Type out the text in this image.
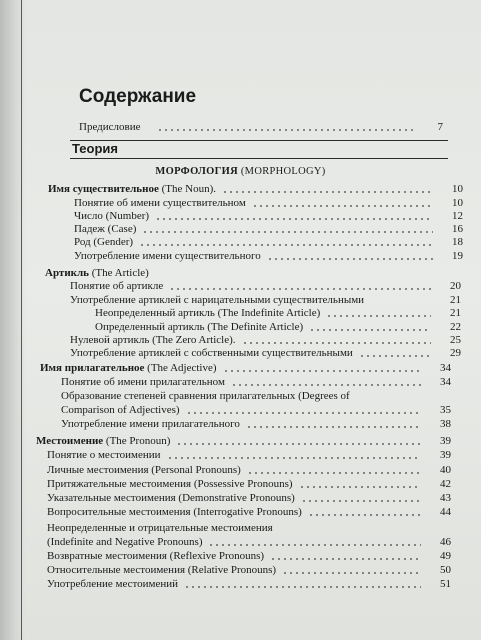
Содержание
Предисловие	7
Теория
МОРФОЛОГИЯ (MORPHOLOGY)
Имя существительное (The Noun).	10
Понятие об имени существительном	10
Число (Number)	12
Падеж (Case)	16
Род (Gender)	18
Употребление имени существительного	19
Артикль (The Article)
Понятие об артикле	20
Употребление артиклей с нарицательными существительными	21
Неопределенный артикль (The Indefinite Article)	21
Определенный артикль (The Definite Article)	22
Нулевой артикль (The Zero Article).	25
Употребление артиклей с собственными существительными	29
Имя прилагательное (The Adjective)	34
Понятие об имени прилагательном	34
Образование степеней сравнения прилагательных (Degrees of
Comparison of Adjectives)	35
Употребление имени прилагательного	38
Местоимение (The Pronoun)	39
Понятие о местоимении	39
Личные местоимения (Personal Pronouns)	40
Притяжательные местоимения (Possessive Pronouns)	42
Указательные местоимения (Demonstrative Pronouns)	43
Вопросительные местоимения (Interrogative Pronouns)	44
Неопределенные и отрицательные местоимения
(Indefinite and Negative Pronouns)	46
Возвратные местоимения (Reflexive Pronouns)	49
Относительные местоимения (Relative Pronouns)	50
Употребление местоимений	51
